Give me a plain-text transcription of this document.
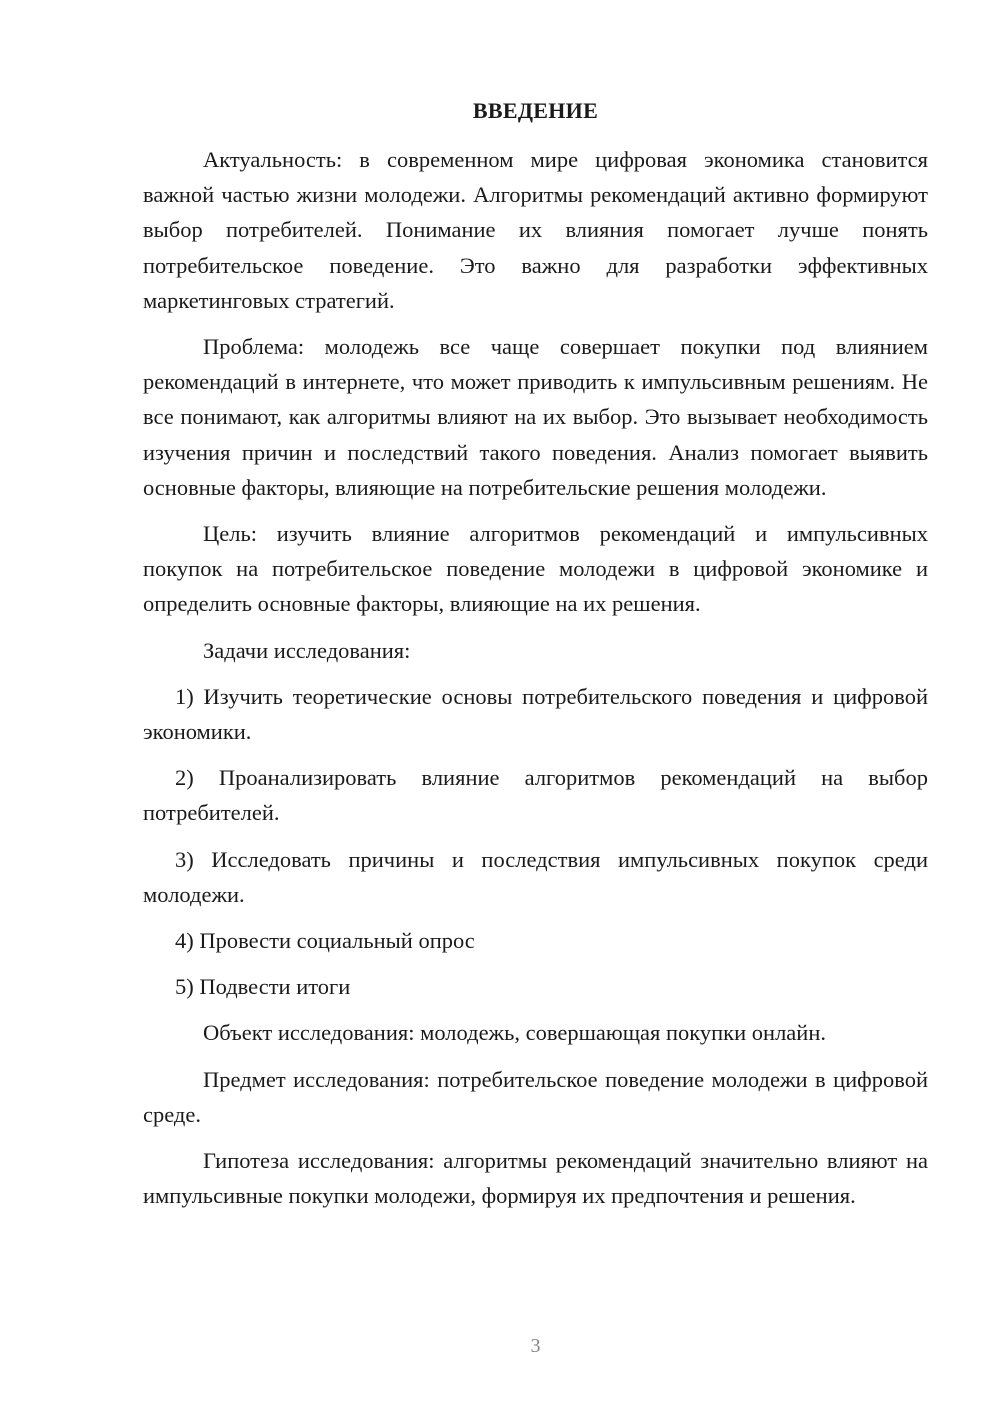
ВВЕДЕНИЕ

Актуальность: в современном мире цифровая экономика становится важной частью жизни молодежи. Алгоритмы рекомендаций активно формируют выбор потребителей. Понимание их влияния помогает лучше понять потребительское поведение. Это важно для разработки эффективных маркетинговых стратегий.

Проблема: молодежь все чаще совершает покупки под влиянием рекомендаций в интернете, что может приводить к импульсивным решениям. Не все понимают, как алгоритмы влияют на их выбор. Это вызывает необходимость изучения причин и последствий такого поведения. Анализ помогает выявить основные факторы, влияющие на потребительские решения молодежи.

Цель: изучить влияние алгоритмов рекомендаций и импульсивных покупок на потребительское поведение молодежи в цифровой экономике и определить основные факторы, влияющие на их решения.

Задачи исследования:

1) Изучить теоретические основы потребительского поведения и цифровой экономики.

2) Проанализировать влияние алгоритмов рекомендаций на выбор потребителей.

3) Исследовать причины и последствия импульсивных покупок среди молодежи.

4) Провести социальный опрос

5) Подвести итоги

Объект исследования: молодежь, совершающая покупки онлайн.

Предмет исследования: потребительское поведение молодежи в цифровой среде.

Гипотеза исследования: алгоритмы рекомендаций значительно влияют на импульсивные покупки молодежи, формируя их предпочтения и решения.

3
